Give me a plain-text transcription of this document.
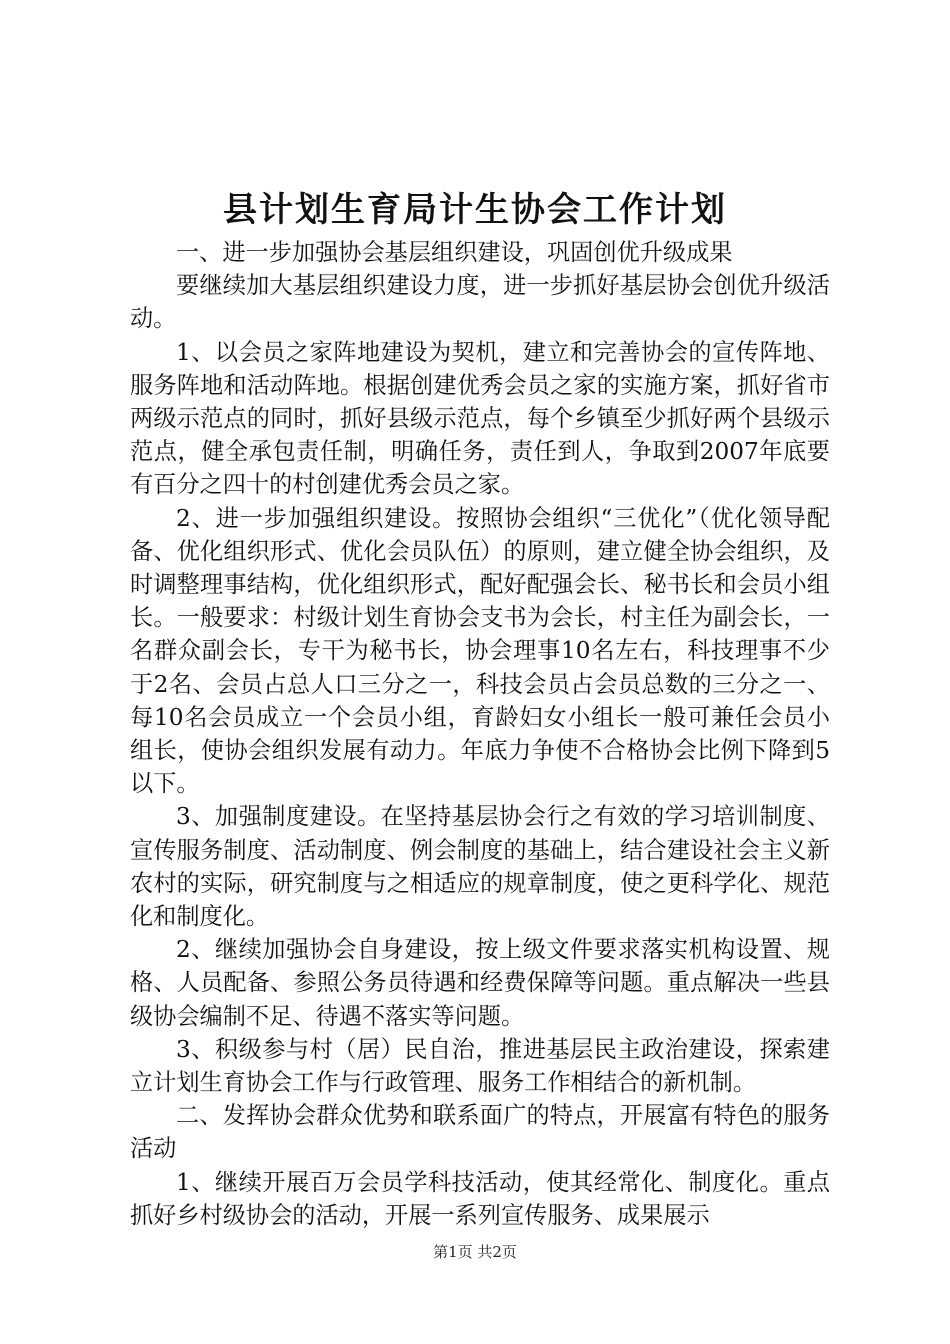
县计划生育局计生协会工作计划

一、进一步加强协会基层组织建设，巩固创优升级成果

要继续加大基层组织建设力度，进一步抓好基层协会创优升级活动。

1、以会员之家阵地建设为契机，建立和完善协会的宣传阵地、服务阵地和活动阵地。根据创建优秀会员之家的实施方案，抓好省市两级示范点的同时，抓好县级示范点，每个乡镇至少抓好两个县级示范点，健全承包责任制，明确任务，责任到人，争取到2007年底要有百分之四十的村创建优秀会员之家。

2、进一步加强组织建设。按照协会组织“三优化”（优化领导配备、优化组织形式、优化会员队伍）的原则，建立健全协会组织，及时调整理事结构，优化组织形式，配好配强会长、秘书长和会员小组长。一般要求：村级计划生育协会支书为会长，村主任为副会长，一名群众副会长，专干为秘书长，协会理事10名左右，科技理事不少于2名、会员占总人口三分之一，科技会员占会员总数的三分之一、每10名会员成立一个会员小组，育龄妇女小组长一般可兼任会员小组长，使协会组织发展有动力。年底力争使不合格协会比例下降到5以下。

3、加强制度建设。在坚持基层协会行之有效的学习培训制度、宣传服务制度、活动制度、例会制度的基础上，结合建设社会主义新农村的实际，研究制度与之相适应的规章制度，使之更科学化、规范化和制度化。

2、继续加强协会自身建设，按上级文件要求落实机构设置、规格、人员配备、参照公务员待遇和经费保障等问题。重点解决一些县级协会编制不足、待遇不落实等问题。

3、积级参与村（居）民自治，推进基层民主政治建设，探索建立计划生育协会工作与行政管理、服务工作相结合的新机制。

二、发挥协会群众优势和联系面广的特点，开展富有特色的服务活动

1、继续开展百万会员学科技活动，使其经常化、制度化。重点抓好乡村级协会的活动，开展一系列宣传服务、成果展示

第1页 共2页
